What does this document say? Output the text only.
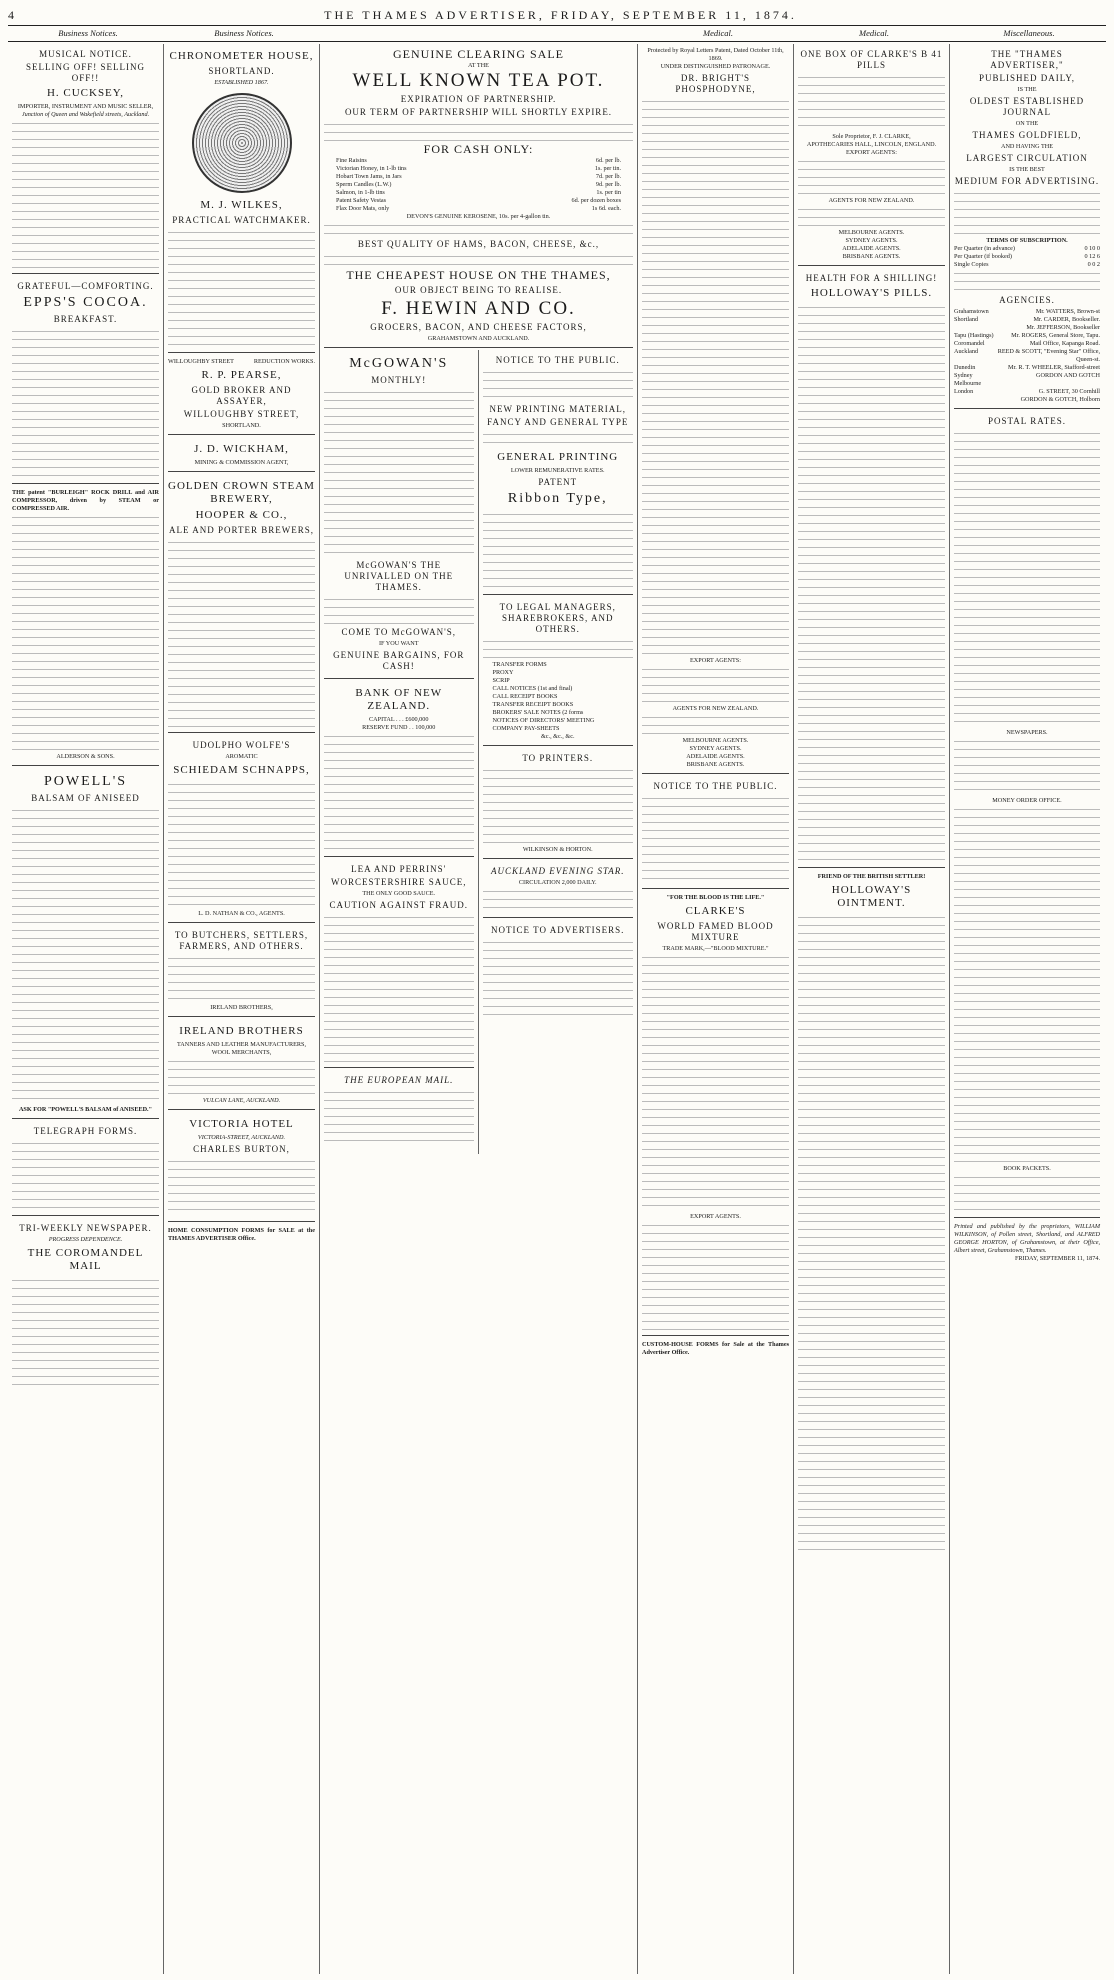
4	THE THAMES ADVERTISER, FRIDAY, SEPTEMBER 11, 1874.
Business Notices.	Business Notices.	Medical.	Medical.	Miscellaneous.
MUSICAL NOTICE.
SELLING OFF! SELLING OFF!!
H. CUCKSEY,
IMPORTER, INSTRUMENT AND MUSIC SELLER,
Junction of Queen and Wakefield streets, Auckland.
GRATEFUL—COMFORTING.
EPPS'S COCOA.
BREAKFAST.
THE patent "BURLEIGH" ROCK DRILL and AIR COMPRESSOR, driven by STEAM or COMPRESSED AIR.
ALDERSON & SONS.
POWELL'S
BALSAM OF ANISEED
ASK FOR "POWELL'S BALSAM of ANISEED."
TELEGRAPH FORMS.
TRI-WEEKLY NEWSPAPER.
PROGRESS DEPENDENCE.
THE COROMANDEL MAIL
CHRONOMETER HOUSE,
SHORTLAND.
ESTABLISHED 1867.
M. J. WILKES,
PRACTICAL WATCHMAKER.
WILLOUGHBY STREET	REDUCTION WORKS.
R. P. PEARSE,
GOLD BROKER AND ASSAYER,
WILLOUGHBY STREET,
SHORTLAND.
J. D. WICKHAM,
MINING & COMMISSION AGENT,
GOLDEN CROWN STEAM BREWERY,
HOOPER & CO.,
ALE AND PORTER BREWERS,
UDOLPHO WOLFE'S
AROMATIC
SCHIEDAM SCHNAPPS,
L. D. NATHAN & CO., AGENTS.
TO BUTCHERS, SETTLERS, FARMERS, AND OTHERS.
IRELAND BROTHERS,
IRELAND BROTHERS
TANNERS AND LEATHER MANUFACTURERS, WOOL MERCHANTS,
VULCAN LANE, AUCKLAND.
VICTORIA HOTEL
VICTORIA-STREET, AUCKLAND.
CHARLES BURTON,
HOME CONSUMPTION FORMS for SALE at the THAMES ADVERTISER Office.
GENUINE CLEARING SALE
AT THE
WELL KNOWN TEA POT.
EXPIRATION OF PARTNERSHIP.
OUR TERM OF PARTNERSHIP WILL SHORTLY EXPIRE.
FOR CASH ONLY:
Fine Raisins	6d. per lb.
Victorian Honey, in 1-lb tins	1s. per tin.
Hobart Town Jams, in Jars	7d. per lb.
Sperm Candles (L.W.)	9d. per lb.
Salmon, in 1-lb tins	1s. per tin
Patent Safety Vestas	6d. per dozen boxes
Flax Door Mats, only	1s 6d. each.
DEVON'S GENUINE KEROSENE, 10s. per 4-gallon tin.
BEST QUALITY OF HAMS, BACON, CHEESE, &c.,
THE CHEAPEST HOUSE ON THE THAMES,
OUR OBJECT BEING TO REALISE.
F. HEWIN AND CO.
GROCERS, BACON, AND CHEESE FACTORS,
GRAHAMSTOWN AND AUCKLAND.
McGOWAN'S
MONTHLY!
McGOWAN'S THE UNRIVALLED ON THE THAMES.
COME TO McGOWAN'S,
IF YOU WANT
GENUINE BARGAINS, FOR CASH!
BANK OF NEW ZEALAND.
CAPITAL . . . £600,000
RESERVE FUND . . 100,000
LEA AND PERRINS'
WORCESTERSHIRE SAUCE,
THE ONLY GOOD SAUCE.
CAUTION AGAINST FRAUD.
THE EUROPEAN MAIL.
NOTICE TO THE PUBLIC.
NEW PRINTING MATERIAL,
FANCY AND GENERAL TYPE
GENERAL PRINTING
LOWER REMUNERATIVE RATES.
PATENT
Ribbon Type,
TO LEGAL MANAGERS, SHAREBROKERS, AND OTHERS.
TRANSFER FORMS
PROXY
SCRIP
CALL NOTICES (1st and final)
CALL RECEIPT BOOKS
TRANSFER RECEIPT BOOKS
BROKERS' SALE NOTES (2 forms
NOTICES OF DIRECTORS' MEETING
COMPANY PAY-SHEETS
&c., &c., &c.
TO PRINTERS.
WILKINSON & HORTON.
AUCKLAND EVENING STAR.
CIRCULATION 2,000 DAILY.
NOTICE TO ADVERTISERS.
Protected by Royal Letters Patent, Dated October 11th, 1869.
UNDER DISTINGUISHED PATRONAGE.
DR. BRIGHT'S PHOSPHODYNE,
EXPORT AGENTS:
AGENTS FOR NEW ZEALAND.
MELBOURNE AGENTS.
SYDNEY AGENTS.
ADELAIDE AGENTS.
BRISBANE AGENTS.
NOTICE TO THE PUBLIC.
"FOR THE BLOOD IS THE LIFE."
CLARKE'S
WORLD FAMED BLOOD MIXTURE
TRADE MARK,—"BLOOD MIXTURE."
EXPORT AGENTS.
CUSTOM-HOUSE FORMS for Sale at the Thames Advertiser Office.
ONE BOX OF CLARKE'S B 41 PILLS
Sole Proprietor, F. J. CLARKE,
APOTHECARIES HALL, LINCOLN, ENGLAND.
EXPORT AGENTS:
AGENTS FOR NEW ZEALAND.
MELBOURNE AGENTS.
SYDNEY AGENTS.
ADELAIDE AGENTS.
BRISBANE AGENTS.
HEALTH FOR A SHILLING!
HOLLOWAY'S PILLS.
FRIEND OF THE BRITISH SETTLER!
HOLLOWAY'S OINTMENT.
THE "THAMES ADVERTISER,"
PUBLISHED DAILY,
IS THE
OLDEST ESTABLISHED JOURNAL
ON THE
THAMES GOLDFIELD,
AND HAVING THE
LARGEST CIRCULATION
IS THE BEST
MEDIUM FOR ADVERTISING.
TERMS OF SUBSCRIPTION.
Per Quarter (in advance)	0 10 0
Per Quarter (if booked)	0 12 6
Single Copies	0 0 2
AGENCIES.
Grahamstown	Mr. WATTERS, Brown-st
Shortland	Mr. CARDER, Bookseller.
Mr. JEFFERSON, Bookseller
Tapu (Hastings)	Mr. ROGERS, General Store, Tapu.
Coromandel	Mail Office, Kapanga Road.
Auckland	REED & SCOTT, "Evening Star" Office, Queen-st.
Dunedin	Mr. R. T. WHEELER, Stafford-street
Sydney	GORDON AND GOTCH
Melbourne
London	G. STREET, 30 Cornhill
GORDON & GOTCH, Holborn
POSTAL RATES.
NEWSPAPERS.
MONEY ORDER OFFICE.
BOOK PACKETS.
Printed and published by the proprietors, WILLIAM WILKINSON, of Pollen street, Shortland, and ALFRED GEORGE HORTON, of Grahamstown, at their Office, Albert street, Grahamstown, Thames.
FRIDAY, SEPTEMBER 11, 1874.
